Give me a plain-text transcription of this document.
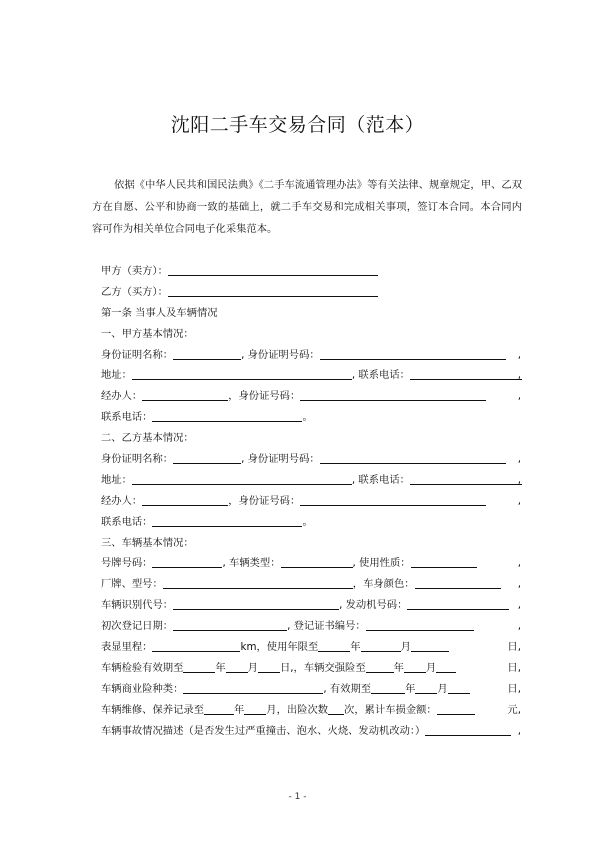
沈阳二手车交易合同（范本）
依据《中华人民共和国民法典》《二手车流通管理办法》等有关法律、规章规定，甲、乙双方在自愿、公平和协商一致的基础上，就二手车交易和完成相关事项，签订本合同。本合同内容可作为相关单位合同电子化采集范本。
甲方（卖方）：
乙方（买方）：
第一条 当事人及车辆情况
一、甲方基本情况：
身份证明名称：	, 身份证明号码：	,
地址：	, 联系电话：	,
经办人：	，身份证号码：	,
联系电话：	。
二、乙方基本情况：
身份证明名称：	, 身份证明号码：	,
地址：	, 联系电话：	,
经办人：	，身份证号码：	,
联系电话：	。
三、车辆基本情况：
号牌号码：	, 车辆类型：	, 使用性质：	,
厂牌、型号：	，车身颜色：	,
车辆识别代号：	, 发动机号码：	,
初次登记日期：	, 登记证书编号：	,
表显里程：	km，使用年限至	年	月	日,
车辆检验有效期至	年 月 日,，车辆交强险至	年 月	日,
车辆商业险种类：	, 有效期至	年 月	日,
车辆维修、保养记录至	年 月，出险次数 次，累计车损金额：	元,
车辆事故情况描述（是否发生过严重撞击、泡水、火烧、发动机改动：）	,
- 1 -
